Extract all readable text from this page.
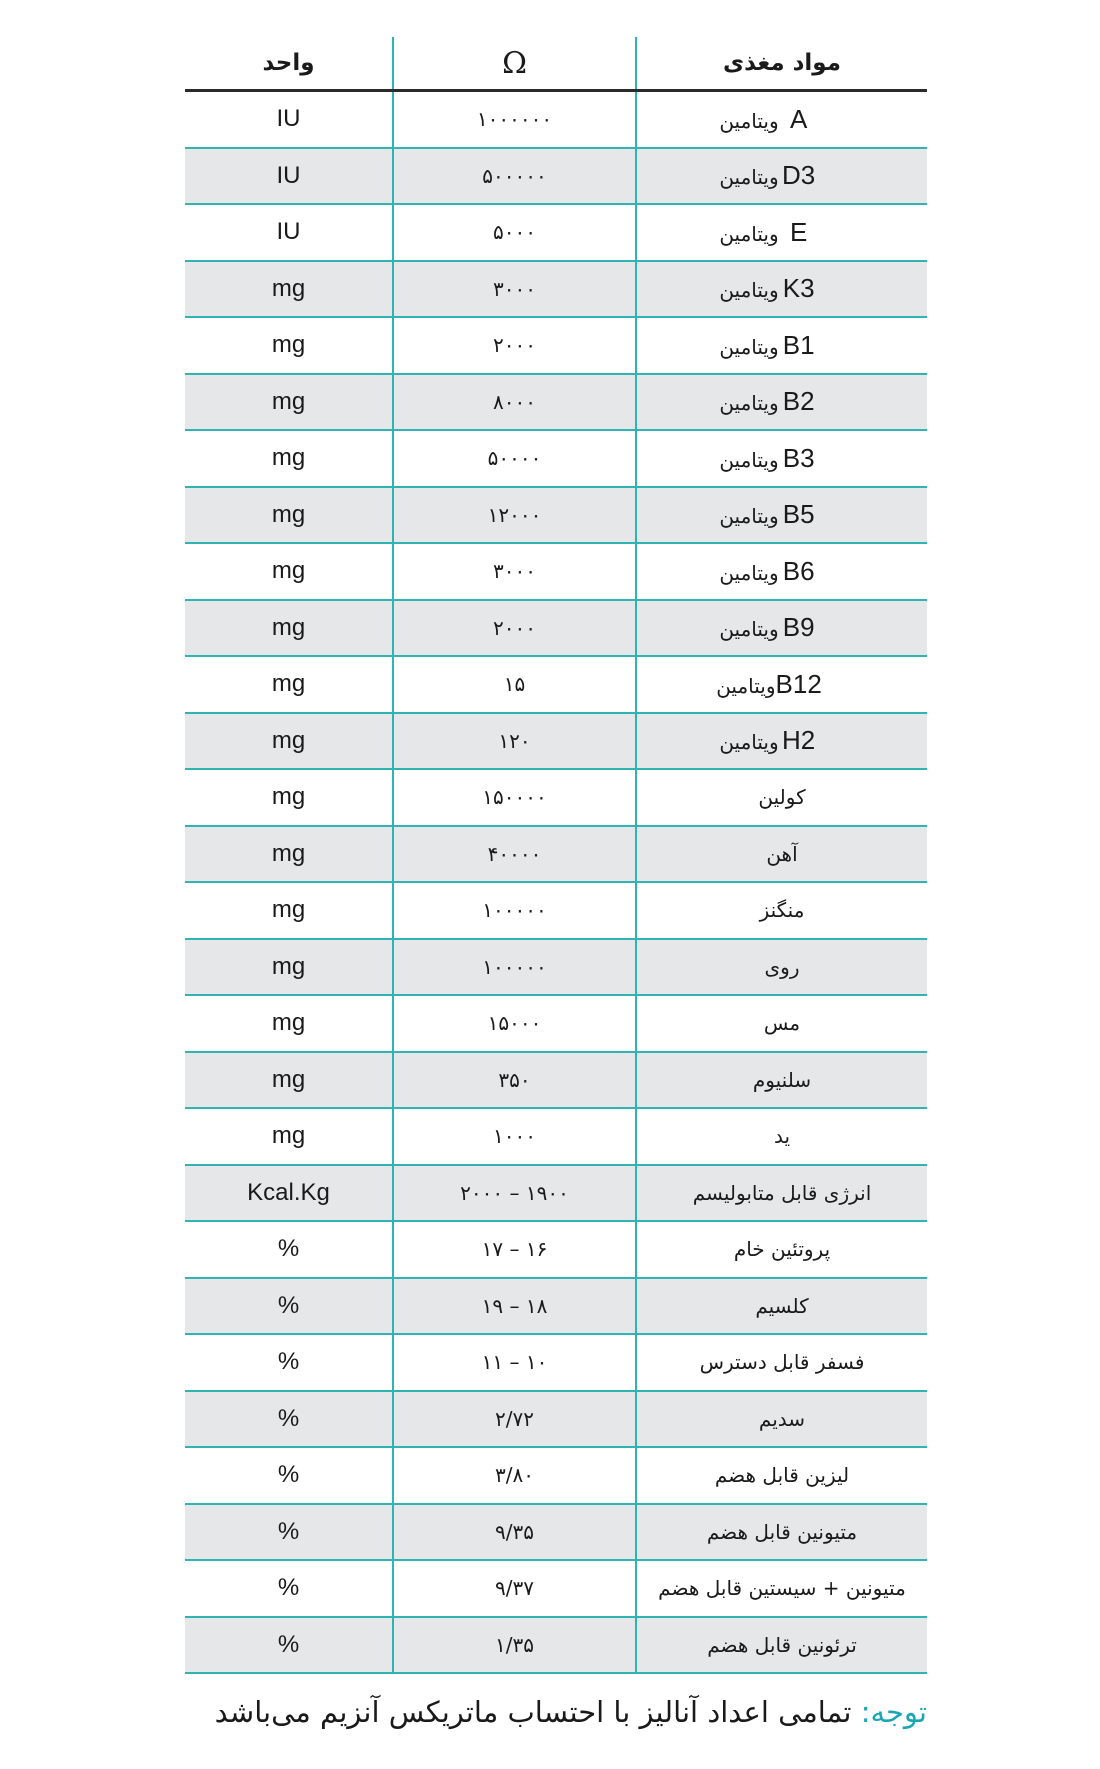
واحد	Ω	مواد مغذی
IU	۱۰۰۰۰۰۰	ویتامین A
IU	۵۰۰۰۰۰	ویتامین D3
IU	۵۰۰۰	ویتامین E
mg	۳۰۰۰	ویتامین K3
mg	۲۰۰۰	ویتامین B1
mg	۸۰۰۰	ویتامین B2
mg	۵۰۰۰۰	ویتامین B3
mg	۱۲۰۰۰	ویتامین B5
mg	۳۰۰۰	ویتامین B6
mg	۲۰۰۰	ویتامین B9
mg	۱۵	ویتامینB12
mg	۱۲۰	ویتامین H2
mg	۱۵۰۰۰۰	کولین
mg	۴۰۰۰۰	آهن
mg	۱۰۰۰۰۰	منگنز
mg	۱۰۰۰۰۰	روی
mg	۱۵۰۰۰	مس
mg	۳۵۰	سلنیوم
mg	۱۰۰۰	ید
Kcal.Kg	۱۹۰۰ – ۲۰۰۰	انرژی قابل متابولیسم
%	۱۶ – ۱۷	پروتئین خام
%	۱۸ – ۱۹	کلسیم
%	۱۰ – ۱۱	فسفر قابل دسترس
%	۲/۷۲	سدیم
%	۳/۸۰	لیزین قابل هضم
%	۹/۳۵	متیونین قابل هضم
%	۹/۳۷	متیونین + سیستین قابل هضم
%	۱/۳۵	ترئونین قابل هضم
توجه: تمامی اعداد آنالیز با احتساب ماتریکس آنزیم می‌باشد
